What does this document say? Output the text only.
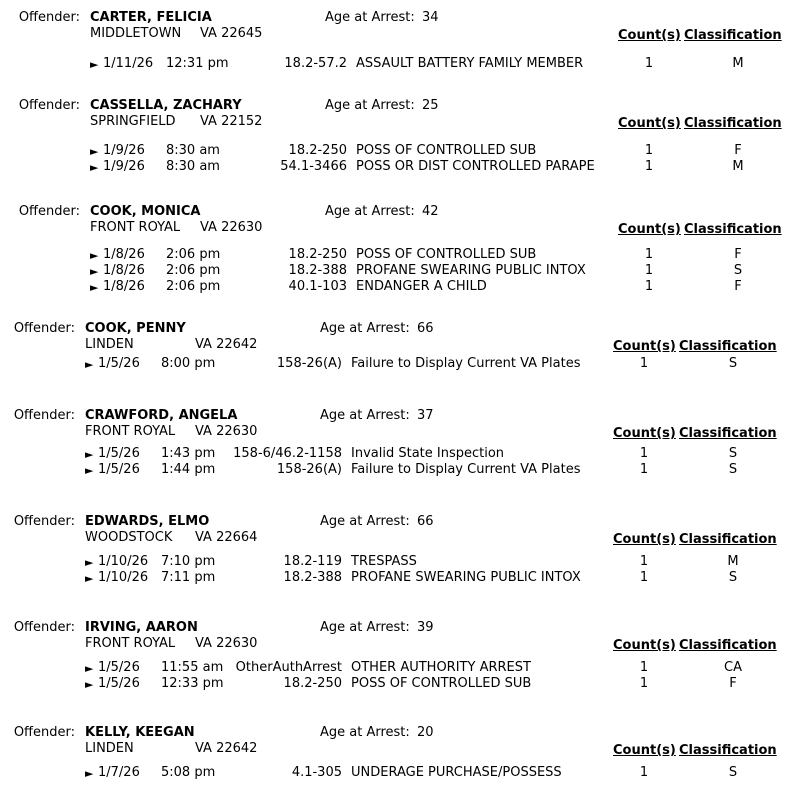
Offender: CARTER, FELICIA	Age at Arrest: 34
MIDDLETOWN VA 22645	Count(s) Classification
► 1/11/26 12:31 pm	18.2-57.2 ASSAULT BATTERY FAMILY MEMBER	1	M
Offender: CASSELLA, ZACHARY	Age at Arrest: 25
SPRINGFIELD VA 22152	Count(s) Classification
► 1/9/26 8:30 am	18.2-250 POSS OF CONTROLLED SUB	1	F
► 1/9/26 8:30 am	54.1-3466 POSS OR DIST CONTROLLED PARAPE	1	M
Offender: COOK, MONICA	Age at Arrest: 42
FRONT ROYAL VA 22630	Count(s) Classification
► 1/8/26 2:06 pm	18.2-250 POSS OF CONTROLLED SUB	1	F
► 1/8/26 2:06 pm	18.2-388 PROFANE SWEARING PUBLIC INTOX	1	S
► 1/8/26 2:06 pm	40.1-103 ENDANGER A CHILD	1	F
Offender: COOK, PENNY	Age at Arrest: 66
LINDEN	VA 22642	Count(s) Classification
► 1/5/26 8:00 pm	158-26(A) Failure to Display Current VA Plates	1	S
Offender: CRAWFORD, ANGELA	Age at Arrest: 37
FRONT ROYAL VA 22630	Count(s) Classification
► 1/5/26 1:43 pm	158-6/46.2-1158 Invalid State Inspection	1	S
► 1/5/26 1:44 pm	158-26(A) Failure to Display Current VA Plates	1	S
Offender: EDWARDS, ELMO	Age at Arrest: 66
WOODSTOCK VA 22664	Count(s) Classification
► 1/10/26 7:10 pm	18.2-119 TRESPASS	1	M
► 1/10/26 7:11 pm	18.2-388 PROFANE SWEARING PUBLIC INTOX	1	S
Offender: IRVING, AARON	Age at Arrest: 39
FRONT ROYAL VA 22630	Count(s) Classification
► 1/5/26 11:55 am OtherAuthArrest OTHER AUTHORITY ARREST	1	CA
► 1/5/26 12:33 pm	18.2-250 POSS OF CONTROLLED SUB	1	F
Offender: KELLY, KEEGAN	Age at Arrest: 20
LINDEN	VA 22642	Count(s) Classification
► 1/7/26 5:08 pm	4.1-305 UNDERAGE PURCHASE/POSSESS	1	S
